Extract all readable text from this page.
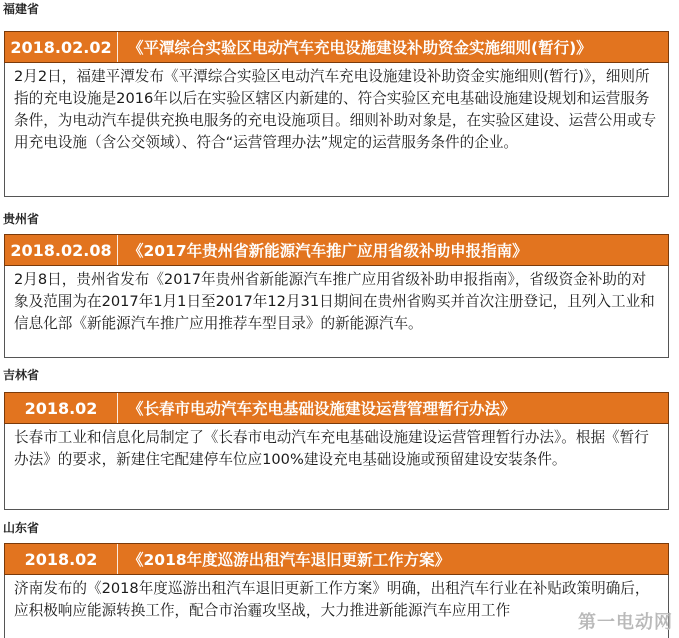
福建省
2018.02.02	《平潭综合实验区电动汽车充电设施建设补助资金实施细则(暂行)》

2月2日，福建平潭发布《平潭综合实验区电动汽车充电设施建设补助资金实施细则(暂行)》，细则所指的充电设施是2016年以后在实验区辖区内新建的、符合实验区充电基础设施建设规划和运营服务条件，为电动汽车提供充换电服务的充电设施项目。细则补助对象是，在实验区建设、运营公用或专用充电设施（含公交领域）、符合“运营管理办法”规定的运营服务条件的企业。

贵州省
2018.02.08	《2017年贵州省新能源汽车推广应用省级补助申报指南》

2月8日，贵州省发布《2017年贵州省新能源汽车推广应用省级补助申报指南》，省级资金补助的对象及范围为在2017年1月1日至2017年12月31日期间在贵州省购买并首次注册登记，且列入工业和信息化部《新能源汽车推广应用推荐车型目录》的新能源汽车。

吉林省
2018.02	《长春市电动汽车充电基础设施建设运营管理暂行办法》

长春市工业和信息化局制定了《长春市电动汽车充电基础设施建设运营管理暂行办法》。根据《暂行办法》的要求，新建住宅配建停车位应100%建设充电基础设施或预留建设安装条件。

山东省
2018.02	《2018年度巡游出租汽车退旧更新工作方案》

济南发布的《2018年度巡游出租汽车退旧更新工作方案》明确，出租汽车行业在补贴政策明确后，应积极响应能源转换工作，配合市治霾攻坚战，大力推进新能源汽车应用工作

第一电动网
